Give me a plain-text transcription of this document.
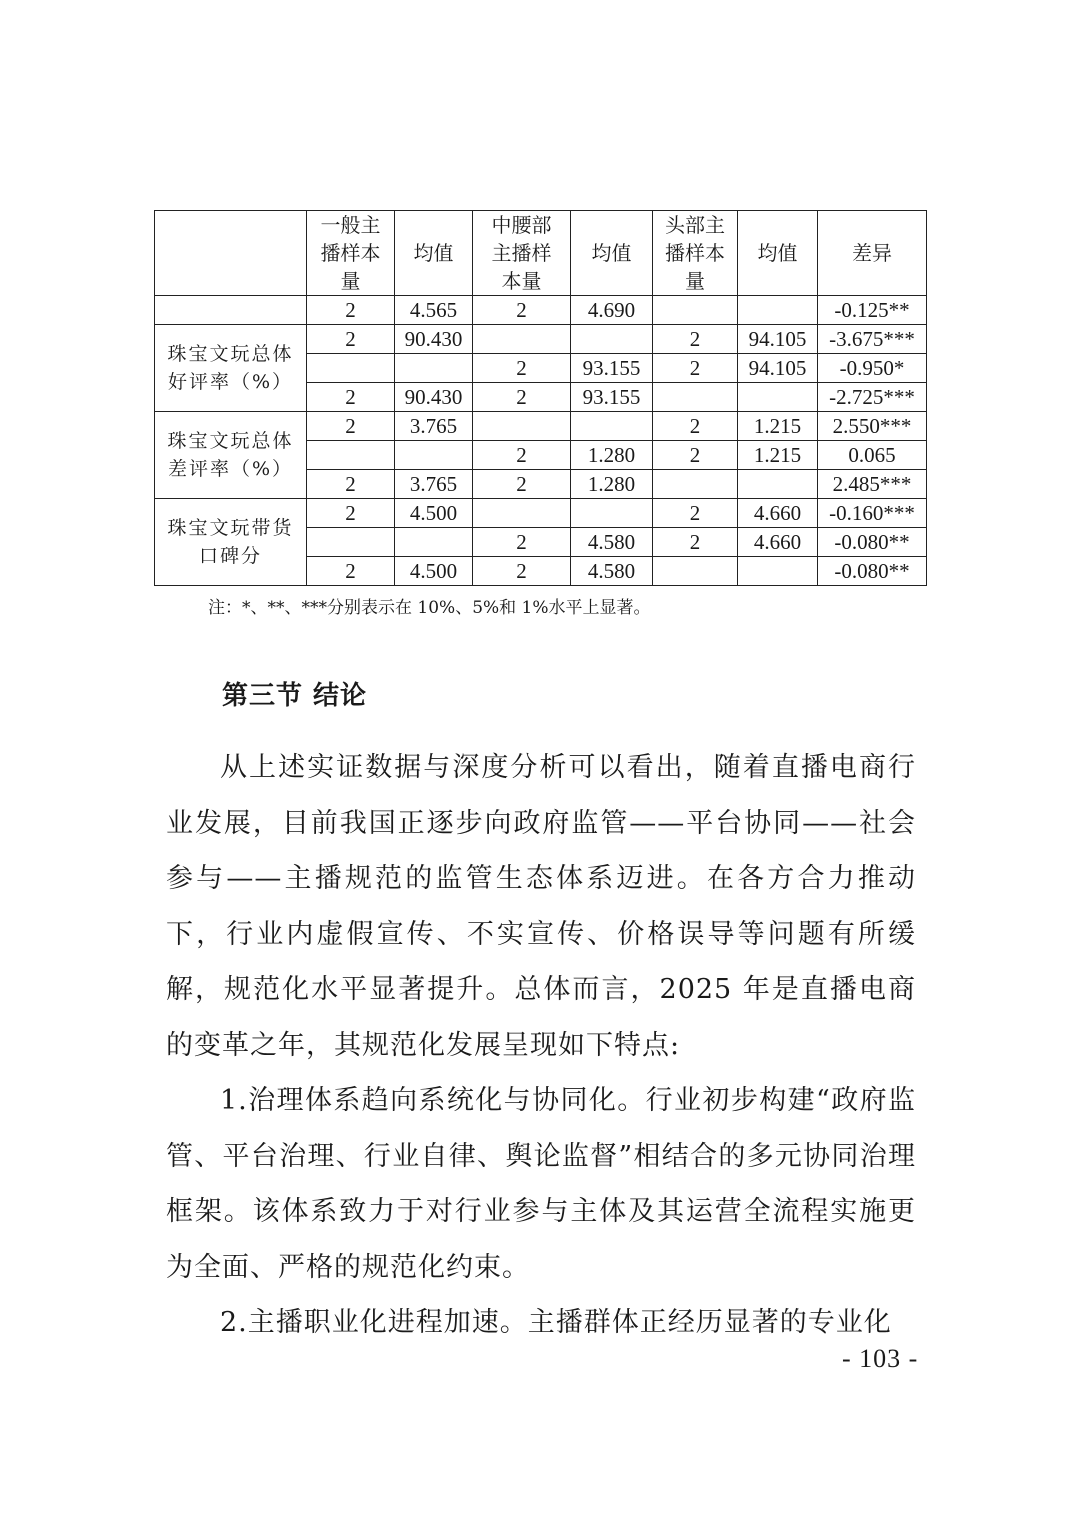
	一般主
播样本
量	均值	中腰部
主播样
本量	均值	头部主
播样本
量	均值	差异
	2	4.565	2	4.690			-0.125**
珠宝文玩总体
好评率（%）	2	90.430			2	94.105	-3.675***
			2	93.155	2	94.105	-0.950*
	2	90.430	2	93.155			-2.725***
珠宝文玩总体
差评率（%）	2	3.765			2	1.215	2.550***
			2	1.280	2	1.215	0.065
	2	3.765	2	1.280			2.485***
珠宝文玩带货
口碑分	2	4.500			2	4.660	-0.160***
			2	4.580	2	4.660	-0.080**
	2	4.500	2	4.580			-0.080**
注：*、**、***分别表示在 10%、5%和 1%水平上显著。
第三节 结论

从上述实证数据与深度分析可以看出，随着直播电商行业发展，目前我国正逐步向政府监管——平台协同——社会参与——主播规范的监管生态体系迈进。在各方合力推动下，行业内虚假宣传、不实宣传、价格误导等问题有所缓解，规范化水平显著提升。总体而言，2025 年是直播电商的变革之年，其规范化发展呈现如下特点:

1.治理体系趋向系统化与协同化。行业初步构建“政府监管、平台治理、行业自律、舆论监督”相结合的多元协同治理框架。该体系致力于对行业参与主体及其运营全流程实施更为全面、严格的规范化约束。

2.主播职业化进程加速。主播群体正经历显著的专业化

- 103 -
